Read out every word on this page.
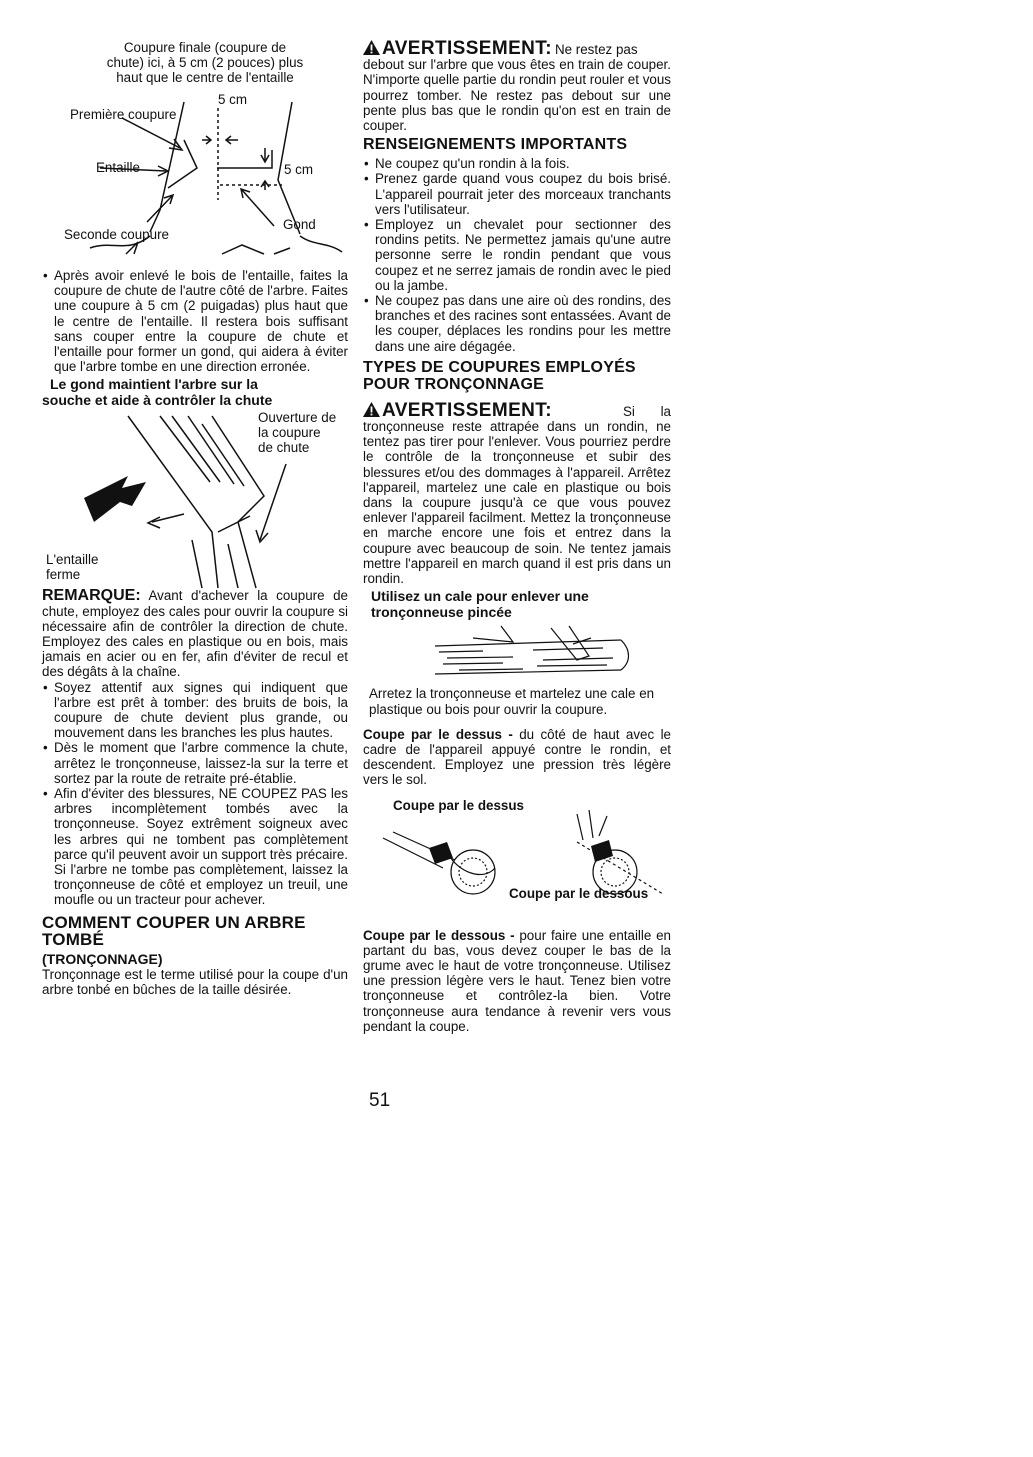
Coupure finale (coupure de
chute) ici, à 5 cm (2 pouces) plus
haut que le centre de l'entaille
5 cm
Première coupure
Entaille	5 cm
Seconde coupure
Gond
• Après avoir enlevé le bois de l'entaille, faites la coupure de chute de l'autre côté de l'arbre. Faites une coupure à 5 cm (2 puigadas) plus haut que le centre de l'entaille. Il restera bois suffisant sans couper entre la coupure de chute et l'entaille pour former un gond, qui aidera à éviter que l'arbre tombe en une direction erronée.
Le gond maintient l'arbre sur la
souche et aide à contrôler la chute
Ouverture de
la coupure
de chute
L'entaille
ferme

REMARQUE: Avant d'achever la coupure de chute, employez des cales pour ouvrir la coupure si nécessaire afin de contrôler la direction de chute. Employez des cales en plastique ou en bois, mais jamais en acier ou en fer, afin d'éviter de recul et des dégâts à la chaîne.

• Soyez attentif aux signes qui indiquent que l'arbre est prêt à tomber: des bruits de bois, la coupure de chute devient plus grande, ou mouvement dans les branches les plus hautes.
• Dès le moment que l'arbre commence la chute, arrêtez le tronçonneuse, laissez-la sur la terre et sortez par la route de retraite pré-établie.
• Afin d'éviter des blessures, NE COUPEZ PAS les arbres incomplètement tombés avec la tronçonneuse. Soyez extrêment soigneux avec les arbres qui ne tombent pas complètement parce qu'il peuvent avoir un support très précaire. Si l'arbre ne tombe pas complètement, laissez la tronçonneuse de côté et employez un treuil, une moufle ou un tracteur pour achever.
COMMENT COUPER UN ARBRE
TOMBÉ
(TRONÇONNAGE)

Tronçonnage est le terme utilisé pour la coupe d'un arbre tonbé en bûches de la taille désirée.

AVERTISSEMENT: Ne restez pas

debout sur l'arbre que vous êtes en train de couper. N'importe quelle partie du rondin peut rouler et vous pourrez tomber. Ne restez pas debout sur une pente plus bas que le rondin qu'on est en train de couper.

RENSEIGNEMENTS IMPORTANTS
• Ne coupez qu'un rondin à la fois.
• Prenez garde quand vous coupez du bois brisé. L'appareil pourrait jeter des morceaux tranchants vers l'utilisateur.
• Employez un chevalet pour sectionner des rondins petits. Ne permettez jamais qu'une autre personne serre le rondin pendant que vous coupez et ne serrez jamais de rondin avec le pied ou la jambe.
• Ne coupez pas dans une aire où des rondins, des branches et des racines sont entassées. Avant de les couper, déplaces les rondins pour les mettre dans une aire dégagée.
TYPES DE COUPURES EMPLOYÉS
POUR TRONÇONNAGE
AVERTISSEMENT:	Si la

tronçonneuse reste attrapée dans un rondin, ne tentez pas tirer pour l'enlever. Vous pourriez perdre le contrôle de la tronçonneuse et subir des blessures et/ou des dommages à l'appareil. Arrêtez l'appareil, martelez une cale en plastique ou bois dans la coupure jusqu'à ce que vous pouvez enlever l'appareil facilment. Mettez la tronçonneuse en marche encore une fois et entrez dans la coupure avec beaucoup de soin. Ne tentez jamais mettre l'appareil en march quand il est pris dans un rondin.

Utilisez un cale pour enlever une
tronçonneuse pincée

Arretez la tronçonneuse et martelez une cale en plastique ou bois pour ouvrir la coupure.

Coupe par le dessus - du côté de haut avec le cadre de l'appareil appuyé contre le rondin, et descendent. Employez une pression très légère vers le sol.

Coupe par le dessus
Coupe par le dessous

Coupe par le dessous - pour faire une entaille en partant du bas, vous devez couper le bas de la grume avec le haut de votre tronçonneuse. Utilisez une pression légère vers le haut. Tenez bien votre tronçonneuse et contrôlez-la bien. Votre tronçonneuse aura tendance à revenir vers vous pendant la coupe.

51
